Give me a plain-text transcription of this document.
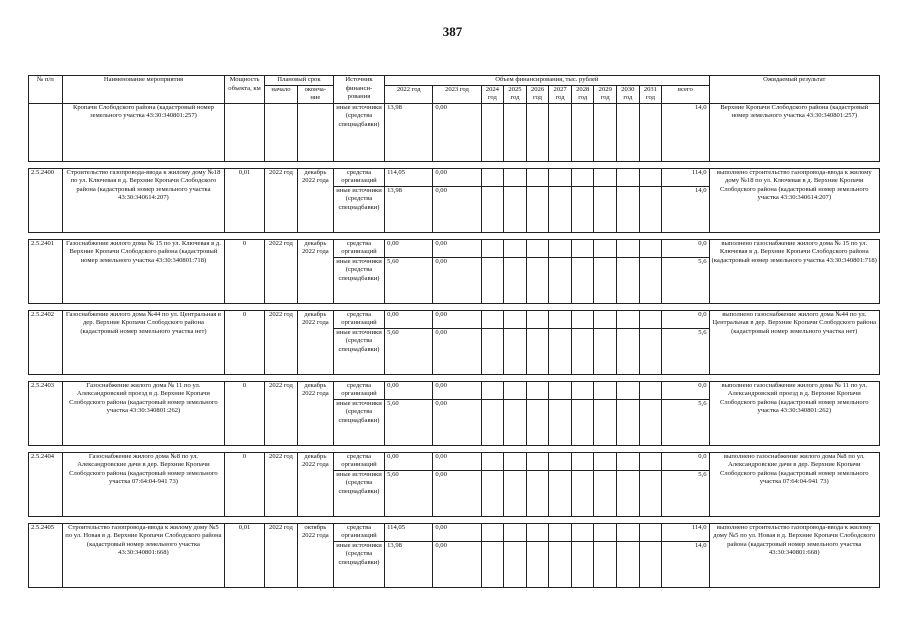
387
№ п/п	Наименование мероприятия	Мощность объекта, км	Плановый срок		Источник финанси- рования	Объем финансирования, тыс. рублей											Ожидаемый результат
			начало	оконча- ние		2022 год	2023 год	2024 год	2025 год	2026 год	2027 год	2028 год	2029 год	2030 год	2031 год	всего	
	Кропачи Слободского района (кадастровый номер земельного участка 43:30:340801:257)				иные источники (средства спецнадбавки)	13,98	0,00									14,0	Верхние Кропачи Слободского района (кадастровый номер земельного участка 43:30:340801:257)

2.5.2400	Строительство газопровода-ввода к жилому дому №18 по ул. Ключевая в д. Верхние Кропачи Слободского района (кадастровый номер земельного участка 43:30:340614:207)	0,01	2022 год	декабрь 2022 года	средства организаций	114,05	0,00									114,0	выполнено строительство газопровода-ввода к жилому дому №18 по ул. Ключевая в д. Верхние Кропачи Слободского района (кадастровый номер земельного участка 43:30:340614:207)
					иные источники (средства спецнадбавки)	13,98	0,00									14,0	

2.5.2401	Газоснабжение жилого дома № 15 по ул. Ключевая в д. Верхние Кропачи Слободского района (кадастровый номер земельного участка 43:30:340801:718)	0	2022 год	декабрь 2022 года	средства организаций	0,00	0,00									0,0	выполнено газоснабжение жилого дома № 15 по ул. Ключевая в д. Верхние Кропачи Слободского района (кадастровый номер земельного участка 43:30:340801:718)
					иные источники (средства спецнадбавки)	5,60	0,00									5,6	

2.5.2402	Газоснабжение жилого дома №44 по ул. Центральная в дер. Верхние Кропачи Слободского района (кадастровый номер земельного участка нет)	0	2022 год	декабрь 2022 года	средства организаций	0,00	0,00									0,0	выполнено газоснабжение жилого дома №44 по ул. Центральная в дер. Верхние Кропачи Слободского района (кадастровый номер земельного участка нет)
					иные источники (средства спецнадбавки)	5,60	0,00									5,6	

2.5.2403	Газоснабжение жилого дома № 11 по ул. Александровский проезд в д. Верхние Кропачи Слободского района (кадастровый номер земельного участка 43:30:340801:262)	0	2022 год	декабрь 2022 года	средства организаций	0,00	0,00									0,0	выполнено газоснабжение жилого дома № 11 по ул. Александровский проезд в д. Верхние Кропачи Слободского района (кадастровый номер земельного участка 43:30:340801:262)
					иные источники (средства спецнадбавки)	5,60	0,00									5,6	

2.5.2404	Газоснабжение жилого дома №8 по ул. Александровские дачи в дер. Верхние Кропачи Слободского района (кадастровый номер земельного участка 07:64:04-941 73)	0	2022 год	декабрь 2022 года	средства организаций	0,00	0,00									0,0	выполнено газоснабжение жилого дома №8 по ул. Александровские дачи в дер. Верхние Кропачи Слободского района (кадастровый номер земельного участка 07:64:04-941 73)
					иные источники (средства спецнадбавки)	5,60	0,00									5,6	

2.5.2405	Строительство газопровода-ввода к жилому дому №5 по ул. Новая в д. Верхние Кропачи Слободского района (кадастровый номер земельного участка 43:30:340801:668)	0,01	2022 год	октябрь 2022 года	средства организаций	114,05	0,00									114,0	выполнено строительство газопровода-ввода к жилому дому №5 по ул. Новая в д. Верхние Кропачи Слободского района (кадастровый номер земельного участка 43:30:340801:668)
					иные источники (средства спецнадбавки)	13,98	0,00									14,0	
